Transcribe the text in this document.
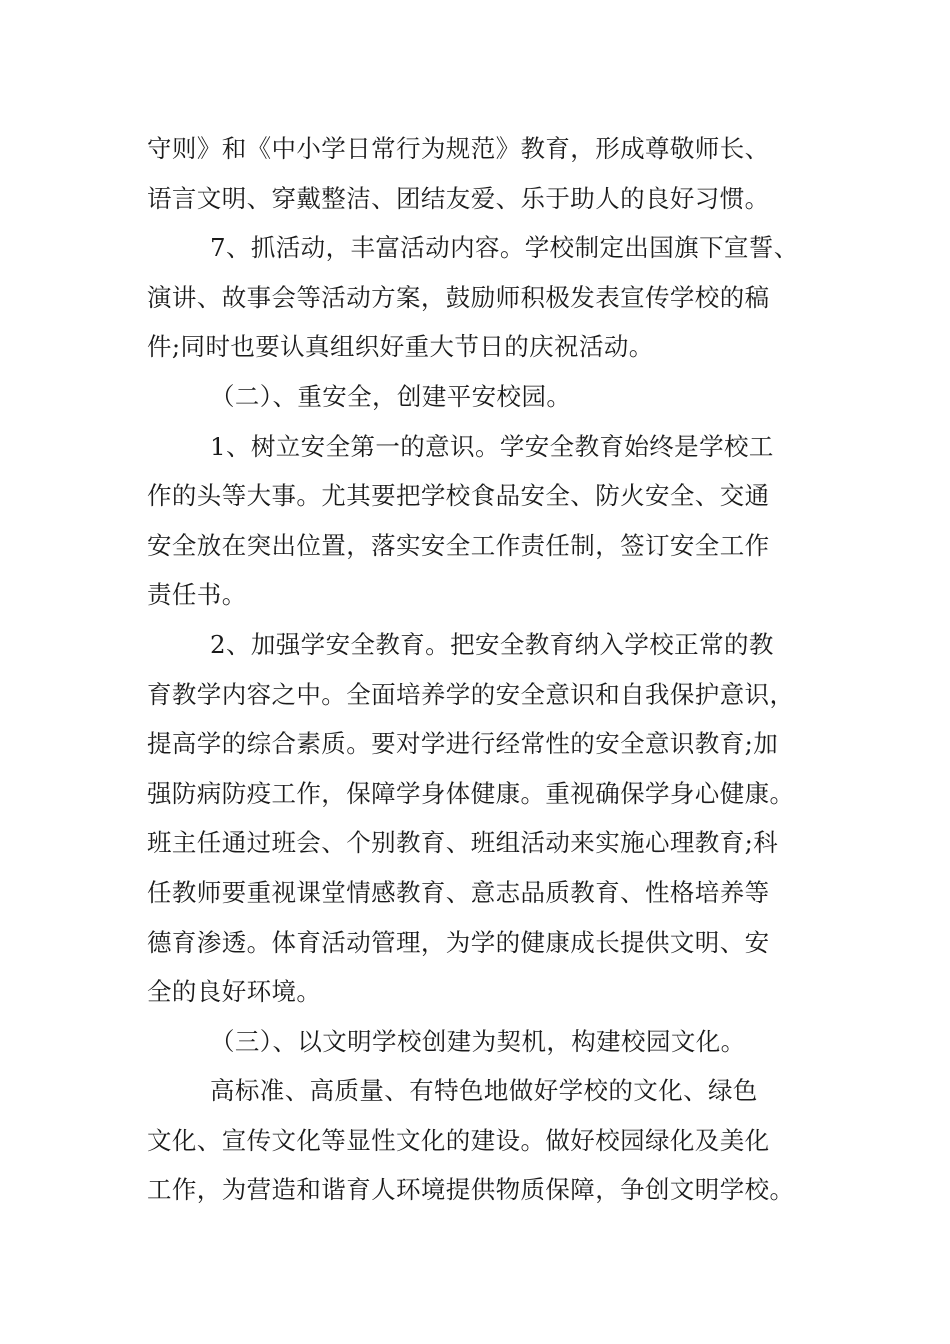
守则》和《中小学日常行为规范》教育，形成尊敬师长、
语言文明、穿戴整洁、团结友爱、乐于助人的良好习惯。
7、抓活动，丰富活动内容。学校制定出国旗下宣誓、
演讲、故事会等活动方案，鼓励师积极发表宣传学校的稿
件;同时也要认真组织好重大节日的庆祝活动。
（二）、重安全，创建平安校园。
1、树立安全第一的意识。学安全教育始终是学校工
作的头等大事。尤其要把学校食品安全、防火安全、交通
安全放在突出位置，落实安全工作责任制，签订安全工作
责任书。
2、加强学安全教育。把安全教育纳入学校正常的教
育教学内容之中。全面培养学的安全意识和自我保护意识，
提高学的综合素质。要对学进行经常性的安全意识教育;加
强防病防疫工作，保障学身体健康。重视确保学身心健康。
班主任通过班会、个别教育、班组活动来实施心理教育;科
任教师要重视课堂情感教育、意志品质教育、性格培养等
德育渗透。体育活动管理，为学的健康成长提供文明、安
全的良好环境。
（三）、以文明学校创建为契机，构建校园文化。
高标准、高质量、有特色地做好学校的文化、绿色
文化、宣传文化等显性文化的建设。做好校园绿化及美化
工作，为营造和谐育人环境提供物质保障，争创文明学校。
